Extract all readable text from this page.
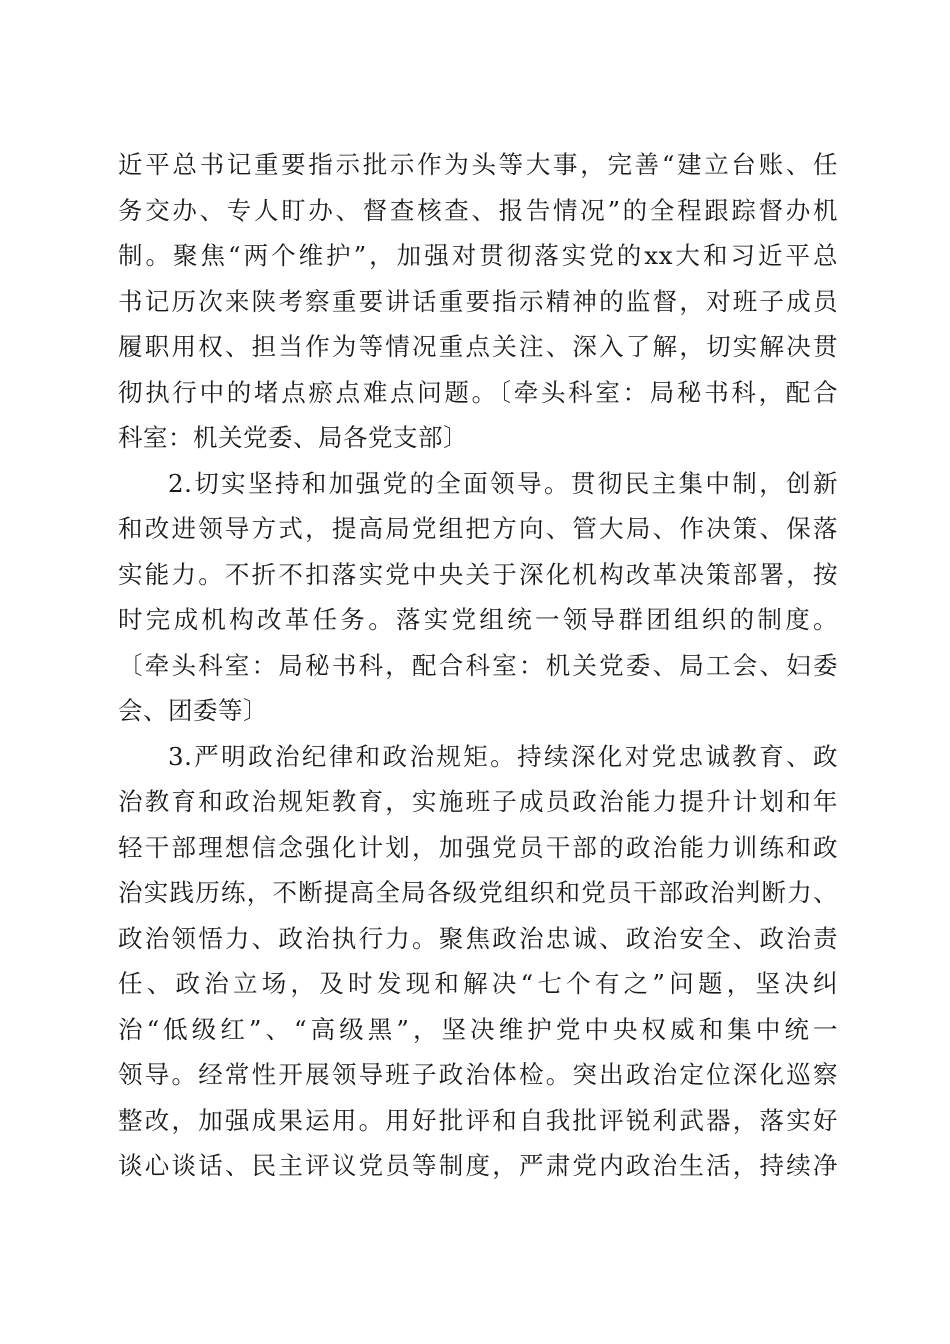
近平总书记重要指示批示作为头等大事，完善“建立台账、任
务交办、专人盯办、督查核查、报告情况”的全程跟踪督办机
制。聚焦“两个维护”，加强对贯彻落实党的xx大和习近平总
书记历次来陕考察重要讲话重要指示精神的监督，对班子成员
履职用权、担当作为等情况重点关注、深入了解，切实解决贯
彻执行中的堵点瘀点难点问题。〔牵头科室：局秘书科，配合
科室：机关党委、局各党支部〕
2.切实坚持和加强党的全面领导。贯彻民主集中制，创新
和改进领导方式，提高局党组把方向、管大局、作决策、保落
实能力。不折不扣落实党中央关于深化机构改革决策部署，按
时完成机构改革任务。落实党组统一领导群团组织的制度。
〔牵头科室：局秘书科，配合科室：机关党委、局工会、妇委
会、团委等〕
3.严明政治纪律和政治规矩。持续深化对党忠诚教育、政
治教育和政治规矩教育，实施班子成员政治能力提升计划和年
轻干部理想信念强化计划，加强党员干部的政治能力训练和政
治实践历练，不断提高全局各级党组织和党员干部政治判断力、
政治领悟力、政治执行力。聚焦政治忠诚、政治安全、政治责
任、政治立场，及时发现和解决“七个有之”问题，坚决纠
治“低级红”、“高级黑”，坚决维护党中央权威和集中统一
领导。经常性开展领导班子政治体检。突出政治定位深化巡察
整改，加强成果运用。用好批评和自我批评锐利武器，落实好
谈心谈话、民主评议党员等制度，严肃党内政治生活，持续净
